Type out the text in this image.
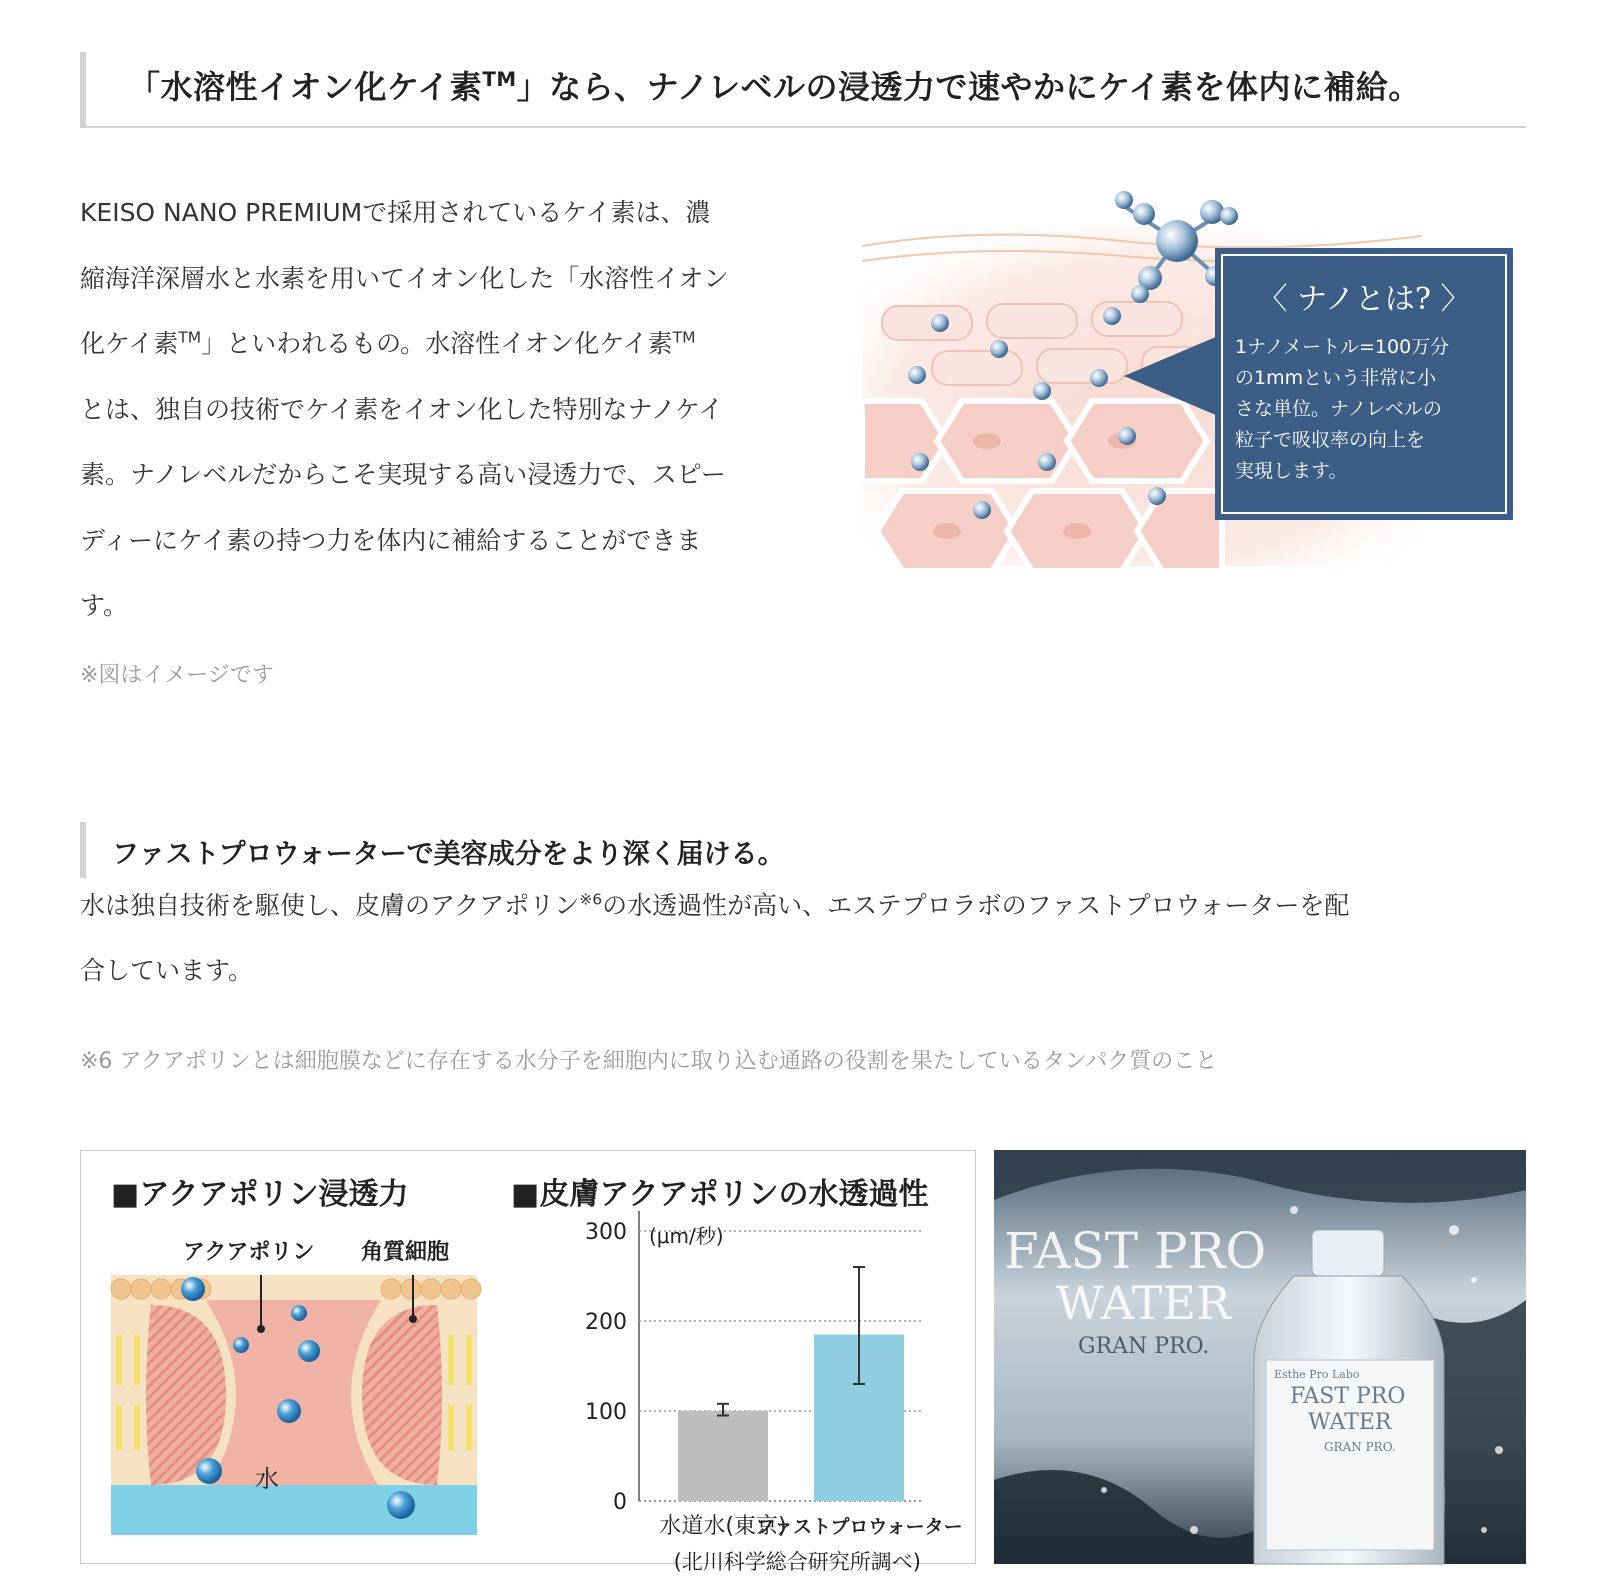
「水溶性イオン化ケイ素™」なら、ナノレベルの浸透力で速やかにケイ素を体内に補給。
KEISO NANO PREMIUMで採用されているケイ素は、濃
縮海洋深層水と水素を用いてイオン化した「水溶性イオン
化ケイ素™」といわれるもの。水溶性イオン化ケイ素™
とは、独自の技術でケイ素をイオン化した特別なナノケイ
素。ナノレベルだからこそ実現する高い浸透力で、スピー
ディーにケイ素の持つ力を体内に補給することができま
す。
※図はイメージです
〈 ナノとは? 〉
1ナノメートル=100万分
の1mmという非常に小
さな単位。ナノレベルの
粒子で吸収率の向上を
実現します。
ファストプロウォーターで美容成分をより深く届ける。
水は独自技術を駆使し、皮膚のアクアポリン$^{※6}$の水透過性が高い、エステプロラボのファストプロウォーターを配
合しています。
※6 アクアポリンとは細胞膜などに存在する水分子を細胞内に取り込む通路の役割を果たしているタンパク質のこと
■アクアポリン浸透力
アクアポリン 角質細胞
水
■皮膚アクアポリンの水透過性
0
100
200
300 (μm/秒)
水道水(東京)
ファストプロウォーター
(北川科学総合研究所調べ)
FAST PRO
WATER
GRAN PRO.
Esthe Pro Labo
FAST PRO
WATER
GRAN PRO.
